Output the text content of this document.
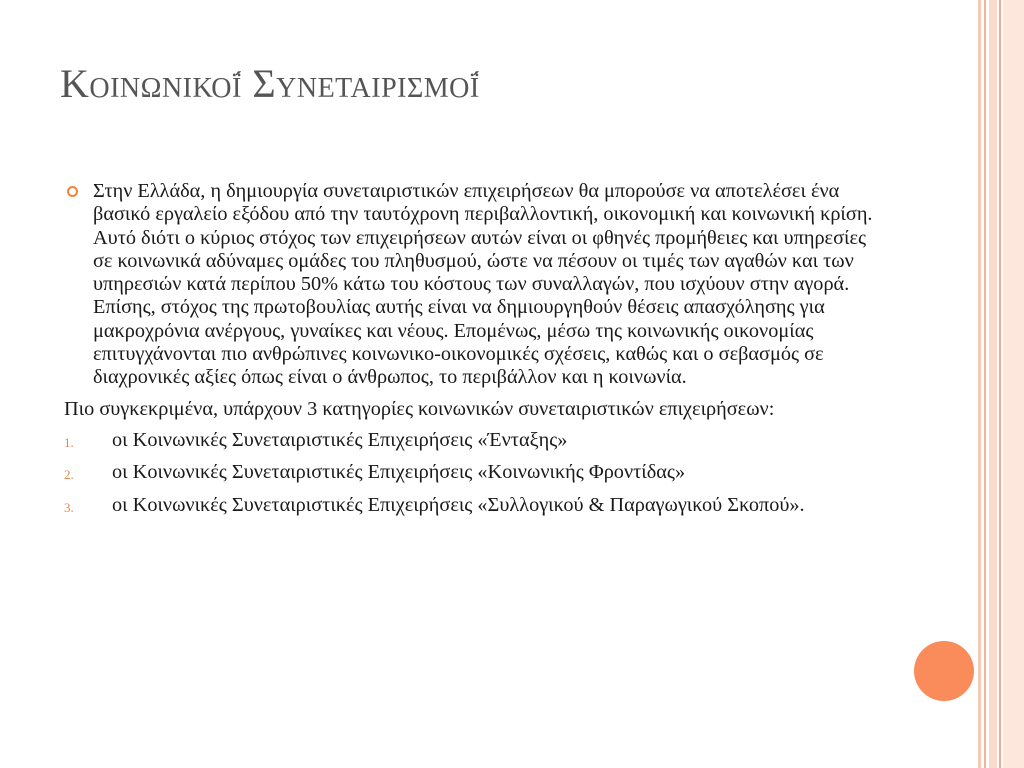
Κοινωνικοΐ Συνεταιρισμοΐ
Στην Ελλάδα, η δημιουργία συνεταιριστικών επιχειρήσεων θα μπορούσε να αποτελέσει ένα βασικό εργαλείο εξόδου από την ταυτόχρονη περιβαλλοντική, οικονομική και κοινωνική κρίση. Αυτό διότι ο κύριος στόχος των επιχειρήσεων αυτών είναι οι φθηνές προμήθειες και υπηρεσίες σε κοινωνικά αδύναμες ομάδες του πληθυσμού, ώστε να πέσουν οι τιμές των αγαθών και των υπηρεσιών κατά περίπου 50% κάτω του κόστους των συναλλαγών, που ισχύουν στην αγορά. Επίσης, στόχος της πρωτοβουλίας αυτής είναι να δημιουργηθούν θέσεις απασχόλησης για μακροχρόνια ανέργους, γυναίκες και νέους. Επομένως, μέσω της κοινωνικής οικονομίας επιτυγχάνονται πιο ανθρώπινες κοινωνικο-οικονομικές σχέσεις, καθώς και ο σεβασμός σε διαχρονικές αξίες όπως είναι ο άνθρωπος, το περιβάλλον και η κοινωνία.
Πιο συγκεκριμένα, υπάρχουν 3 κατηγορίες κοινωνικών συνεταιριστικών επιχειρήσεων:
1. οι Κοινωνικές Συνεταιριστικές Επιχειρήσεις «Ένταξης»
2. οι Κοινωνικές Συνεταιριστικές Επιχειρήσεις «Κοινωνικής Φροντίδας»
3. οι Κοινωνικές Συνεταιριστικές Επιχειρήσεις «Συλλογικού & Παραγωγικού Σκοπού».
